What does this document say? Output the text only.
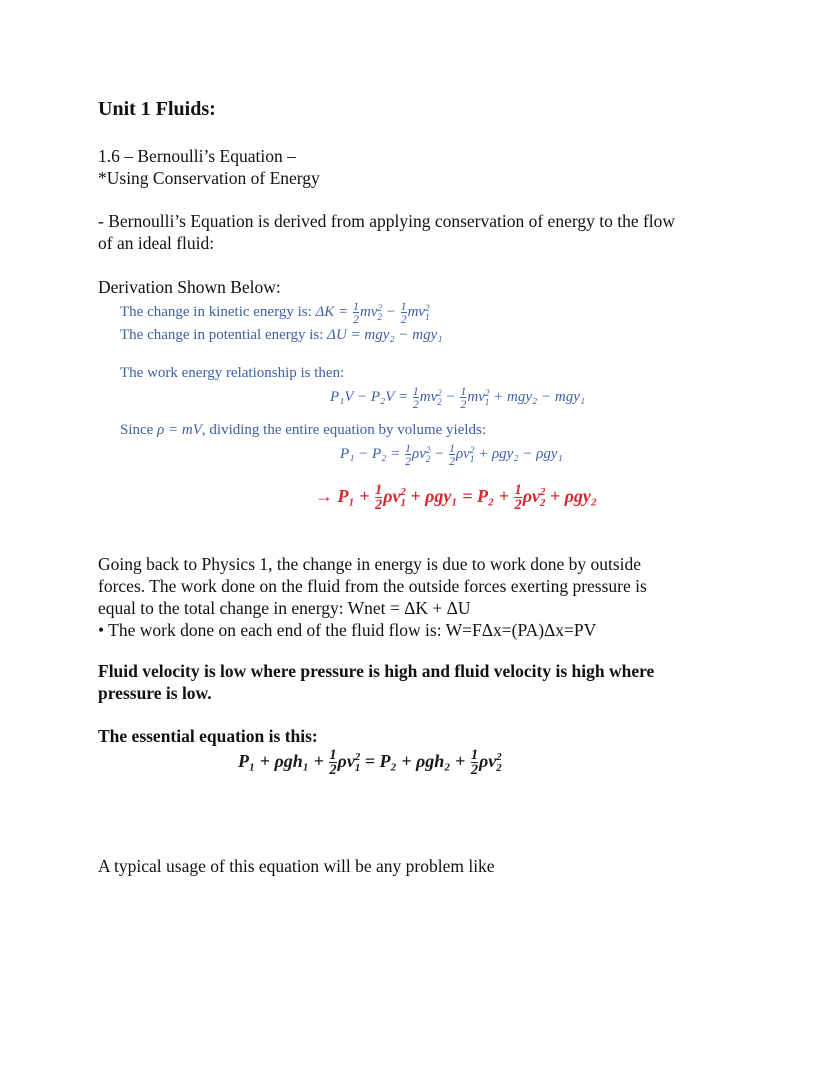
Unit 1 Fluids:
1.6 – Bernoulli’s Equation –
*Using Conservation of Energy
- Bernoulli’s Equation is derived from applying conservation of energy to the flow
of an ideal fluid:
Derivation Shown Below:
The change in kinetic energy is: $\Delta K = \frac{1}{2}$ mv 2
$2 - \frac{1}{2}$ mv 2
1
The change in potential energy is: ΔU = mgy₂ − mgy₁
The work energy relationship is then:
$P_1V - P_2V = \frac{1}{2}$ mv 2
$2 - \frac{1}{2}$ mv 2
1 + mgy₂ − mgy₁
Since ρ = mV, dividing the entire equation by volume yields:
$P_1 - P_2 = \frac{1}{2}$ ρv 2
$2 - \frac{1}{2}$ ρv 2
1 + ρgy₂ − ρgy₁
→ $P_1 + \frac{1}{2}$ ρv 2
$1 + \rho gy_1 = P_2 + \frac{1}{2}$ ρv 2
2 + ρgy₂
Going back to Physics 1, the change in energy is due to work done by outside
forces. The work done on the fluid from the outside forces exerting pressure is
equal to the total change in energy: Wnet = ΔK + ΔU
• The work done on each end of the fluid flow is: W=FΔx=(PA)Δx=PV
Fluid velocity is low where pressure is high and fluid velocity is high where
pressure is low.
The essential equation is this:
$P_1 + \rho gh_1 + \frac{1}{2}$ ρv 2
$1 = P_2 + \rho gh_2 + \frac{1}{2}$ ρv 2
2
A typical usage of this equation will be any problem like
